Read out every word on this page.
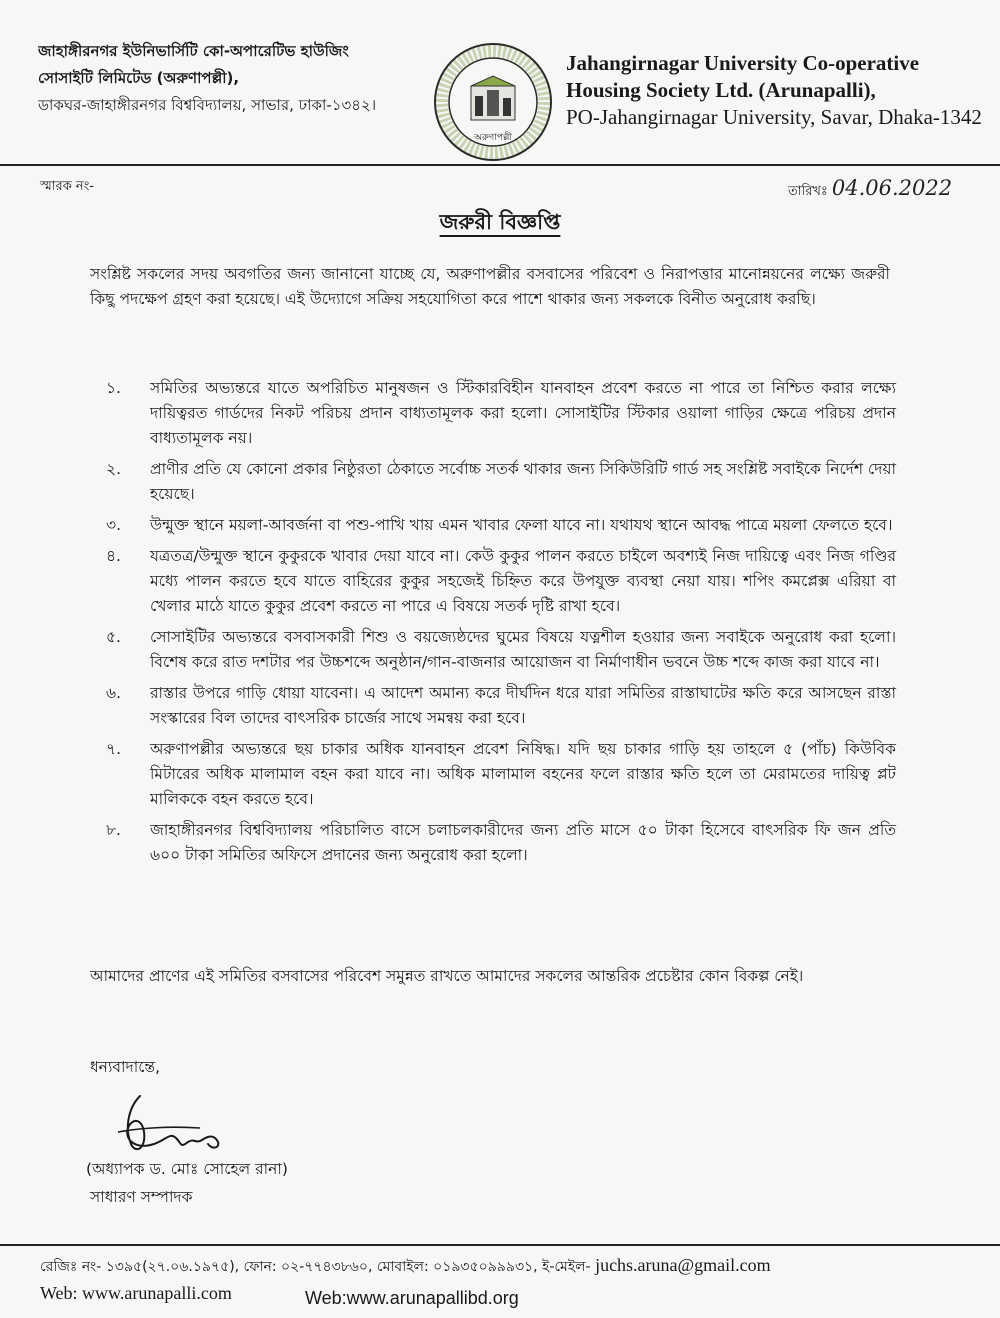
জাহাঙ্গীরনগর ইউনিভার্সিটি কো-অপারেটিভ হাউজিং
সোসাইটি লিমিটেড (অরুণাপল্লী),
ডাকঘর-জাহাঙ্গীরনগর বিশ্ববিদ্যালয়, সাভার, ঢাকা-১৩৪২।
অরুণাপল্লী
Jahangirnagar University Co-operative
Housing Society Ltd. (Arunapalli),
PO-Jahangirnagar University, Savar, Dhaka-1342
স্মারক নং-	তারিখঃ 04.06.2022
জরুরী বিজ্ঞপ্তি
সংশ্লিষ্ট সকলের সদয় অবগতির জন্য জানানো যাচ্ছে যে, অরুণাপল্লীর বসবাসের পরিবেশ ও নিরাপত্তার মানোন্নয়নের লক্ষ্যে জরুরী কিছু পদক্ষেপ গ্রহণ করা হয়েছে। এই উদ্যোগে সক্রিয় সহযোগিতা করে পাশে থাকার জন্য সকলকে বিনীত অনুরোধ করছি।
১.	সমিতির অভ্যন্তরে যাতে অপরিচিত মানুষজন ও স্টিকারবিহীন যানবাহন প্রবেশ করতে না পারে তা নিশ্চিত করার লক্ষ্যে দায়িত্বরত গার্ডদের নিকট পরিচয় প্রদান বাধ্যতামূলক করা হলো। সোসাইটির স্টিকার ওয়ালা গাড়ির ক্ষেত্রে পরিচয় প্রদান বাধ্যতামূলক নয়।
২.	প্রাণীর প্রতি যে কোনো প্রকার নিষ্ঠুরতা ঠেকাতে সর্বোচ্চ সতর্ক থাকার জন্য সিকিউরিটি গার্ড সহ সংশ্লিষ্ট সবাইকে নির্দেশ দেয়া হয়েছে।
৩.	উন্মুক্ত স্থানে ময়লা-আবর্জনা বা পশু-পাখি খায় এমন খাবার ফেলা যাবে না। যথাযথ স্থানে আবদ্ধ পাত্রে ময়লা ফেলতে হবে।
৪.	যত্রতত্র/উন্মুক্ত স্থানে কুকুরকে খাবার দেয়া যাবে না। কেউ কুকুর পালন করতে চাইলে অবশ্যই নিজ দায়িত্বে এবং নিজ গণ্ডির মধ্যে পালন করতে হবে যাতে বাহিরের কুকুর সহজেই চিহ্নিত করে উপযুক্ত ব্যবস্থা নেয়া যায়। শপিং কমপ্লেক্স এরিয়া বা খেলার মাঠে যাতে কুকুর প্রবেশ করতে না পারে এ বিষয়ে সতর্ক দৃষ্টি রাখা হবে।
৫.	সোসাইটির অভ্যন্তরে বসবাসকারী শিশু ও বয়জ্যেষ্ঠদের ঘুমের বিষয়ে যত্নশীল হওয়ার জন্য সবাইকে অনুরোধ করা হলো। বিশেষ করে রাত দশটার পর উচ্চশব্দে অনুষ্ঠান/গান-বাজনার আয়োজন বা নির্মাণাধীন ভবনে উচ্চ শব্দে কাজ করা যাবে না।
৬.	রাস্তার উপরে গাড়ি ধোয়া যাবেনা। এ আদেশ অমান্য করে দীর্ঘদিন ধরে যারা সমিতির রাস্তাঘাটের ক্ষতি করে আসছেন রাস্তা সংস্কারের বিল তাদের বাৎসরিক চার্জের সাথে সমন্বয় করা হবে।
৭.	অরুণাপল্লীর অভ্যন্তরে ছয় চাকার অধিক যানবাহন প্রবেশ নিষিদ্ধ। যদি ছয় চাকার গাড়ি হয় তাহলে ৫ (পাঁচ) কিউবিক মিটারের অধিক মালামাল বহন করা যাবে না। অধিক মালামাল বহনের ফলে রাস্তার ক্ষতি হলে তা মেরামতের দায়িত্ব প্লট মালিককে বহন করতে হবে।
৮.	জাহাঙ্গীরনগর বিশ্ববিদ্যালয় পরিচালিত বাসে চলাচলকারীদের জন্য প্রতি মাসে ৫০ টাকা হিসেবে বাৎসরিক ফি জন প্রতি ৬০০ টাকা সমিতির অফিসে প্রদানের জন্য অনুরোধ করা হলো।
আমাদের প্রাণের এই সমিতির বসবাসের পরিবেশ সমুন্নত রাখতে আমাদের সকলের আন্তরিক প্রচেষ্টার কোন বিকল্প নেই।
ধন্যবাদান্তে,
(অধ্যাপক ড. মোঃ সোহেল রানা)
সাধারণ সম্পাদক
রেজিঃ নং- ১৩৯৫(২৭.০৬.১৯৭৫), ফোন: ০২-৭৭৪৩৮৬০, মোবাইল: ০১৯৩৫০৯৯৯৩১, ই-মেইল- juchs.aruna@gmail.com
Web: www.arunapalli.com	Web:www.arunapallibd.org
